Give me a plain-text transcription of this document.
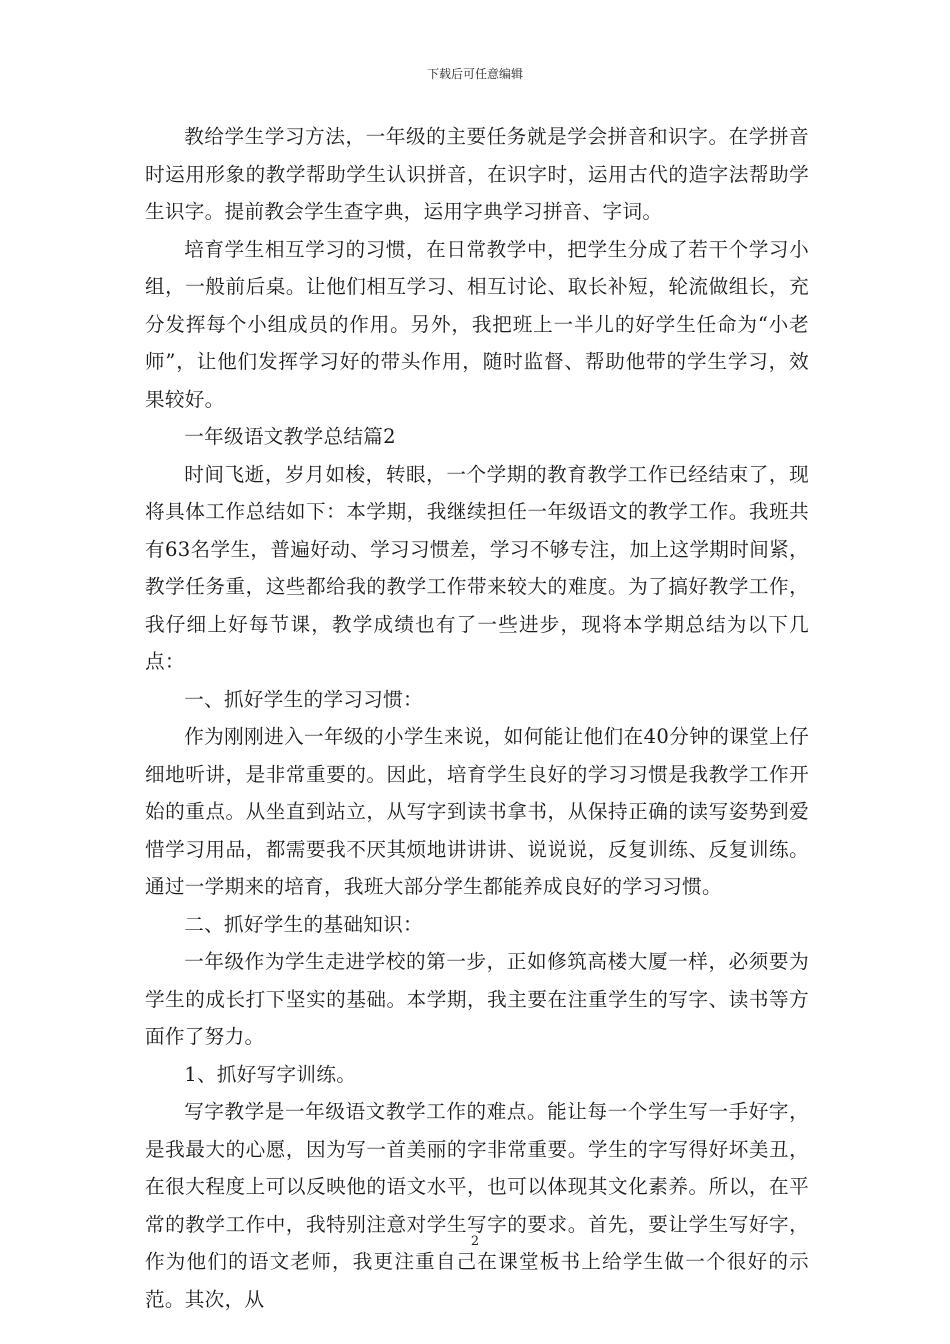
下载后可任意编辑

教给学生学习方法，一年级的主要任务就是学会拼音和识字。在学拼音时运用形象的教学帮助学生认识拼音，在识字时，运用古代的造字法帮助学生识字。提前教会学生查字典，运用字典学习拼音、字词。

培育学生相互学习的习惯，在日常教学中，把学生分成了若干个学习小组，一般前后桌。让他们相互学习、相互讨论、取长补短，轮流做组长，充分发挥每个小组成员的作用。另外，我把班上一半儿的好学生任命为“小老师”，让他们发挥学习好的带头作用，随时监督、帮助他带的学生学习，效果较好。

一年级语文教学总结篇2

时间飞逝，岁月如梭，转眼，一个学期的教育教学工作已经结束了，现将具体工作总结如下：本学期，我继续担任一年级语文的教学工作。我班共有63名学生，普遍好动、学习习惯差，学习不够专注，加上这学期时间紧，教学任务重，这些都给我的教学工作带来较大的难度。为了搞好教学工作，我仔细上好每节课，教学成绩也有了一些进步，现将本学期总结为以下几点：

一、抓好学生的学习习惯：

作为刚刚进入一年级的小学生来说，如何能让他们在40分钟的课堂上仔细地听讲，是非常重要的。因此，培育学生良好的学习习惯是我教学工作开始的重点。从坐直到站立，从写字到读书拿书，从保持正确的读写姿势到爱惜学习用品，都需要我不厌其烦地讲讲讲、说说说，反复训练、反复训练。通过一学期来的培育，我班大部分学生都能养成良好的学习习惯。

二、抓好学生的基础知识：

一年级作为学生走进学校的第一步，正如修筑高楼大厦一样，必须要为学生的成长打下坚实的基础。本学期，我主要在注重学生的写字、读书等方面作了努力。

1、抓好写字训练。

写字教学是一年级语文教学工作的难点。能让每一个学生写一手好字，是我最大的心愿，因为写一首美丽的字非常重要。学生的字写得好坏美丑，在很大程度上可以反映他的语文水平，也可以体现其文化素养。所以，在平常的教学工作中，我特别注意对学生写字的要求。首先，要让学生写好字，作为他们的语文老师，我更注重自己在课堂板书上给学生做一个很好的示范。其次，从

2
